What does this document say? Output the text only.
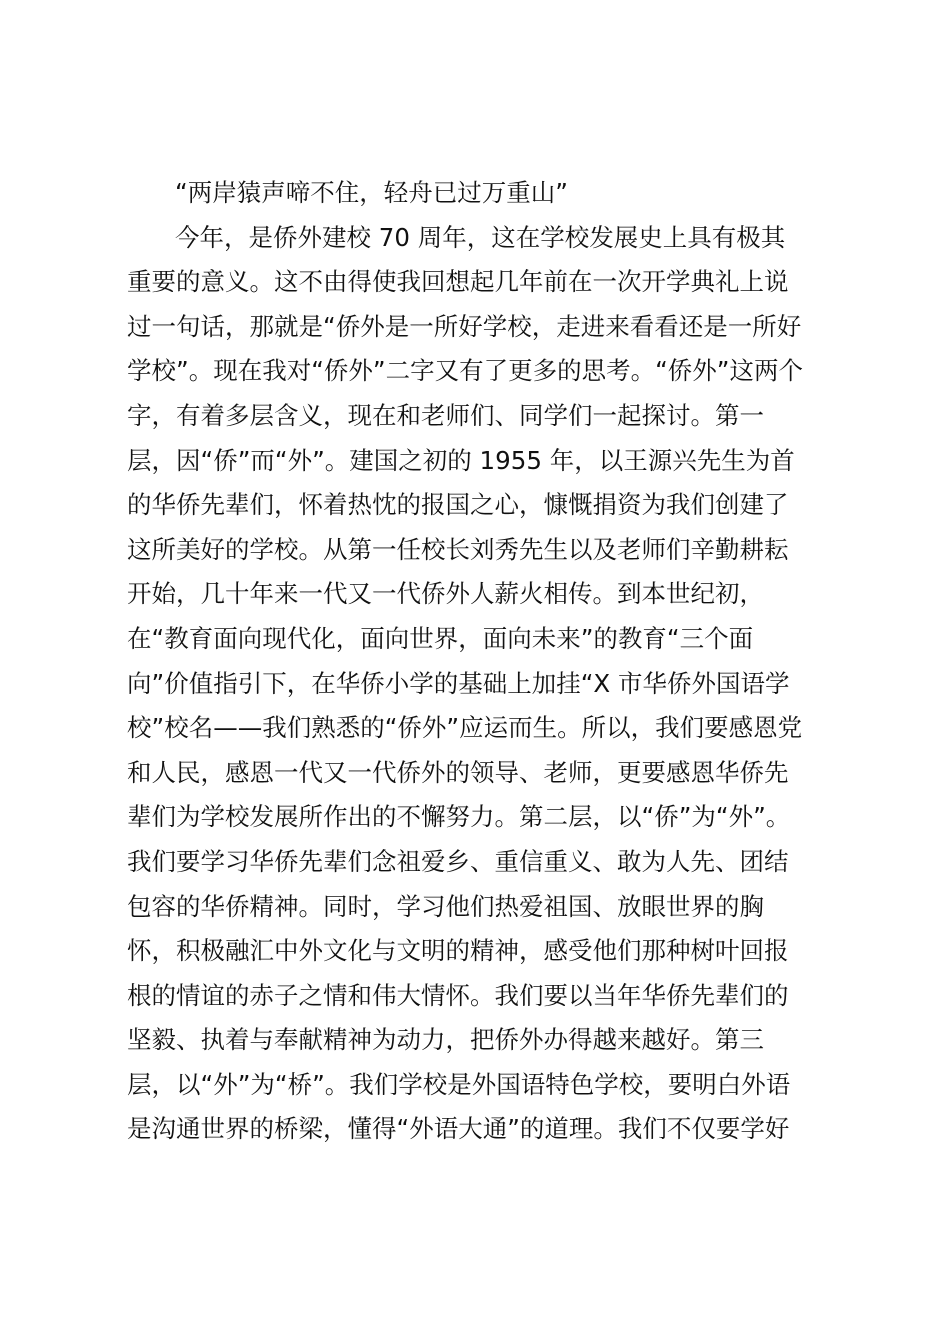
“两岸猿声啼不住，轻舟已过万重山”
今年，是侨外建校 70 周年，这在学校发展史上具有极其
重要的意义。这不由得使我回想起几年前在一次开学典礼上说
过一句话，那就是“侨外是一所好学校，走进来看看还是一所好
学校”。现在我对“侨外”二字又有了更多的思考。“侨外”这两个
字，有着多层含义，现在和老师们、同学们一起探讨。第一
层，因“侨”而“外”。建国之初的 1955 年，以王源兴先生为首
的华侨先辈们，怀着热忱的报国之心，慷慨捐资为我们创建了
这所美好的学校。从第一任校长刘秀先生以及老师们辛勤耕耘
开始，几十年来一代又一代侨外人薪火相传。到本世纪初，
在“教育面向现代化，面向世界，面向未来”的教育“三个面
向”价值指引下，在华侨小学的基础上加挂“X 市华侨外国语学
校”校名——我们熟悉的“侨外”应运而生。所以，我们要感恩党
和人民，感恩一代又一代侨外的领导、老师，更要感恩华侨先
辈们为学校发展所作出的不懈努力。第二层，以“侨”为“外”。
我们要学习华侨先辈们念祖爱乡、重信重义、敢为人先、团结
包容的华侨精神。同时，学习他们热爱祖国、放眼世界的胸
怀，积极融汇中外文化与文明的精神，感受他们那种树叶回报
根的情谊的赤子之情和伟大情怀。我们要以当年华侨先辈们的
坚毅、执着与奉献精神为动力，把侨外办得越来越好。第三
层，以“外”为“桥”。我们学校是外国语特色学校，要明白外语
是沟通世界的桥梁，懂得“外语大通”的道理。我们不仅要学好
